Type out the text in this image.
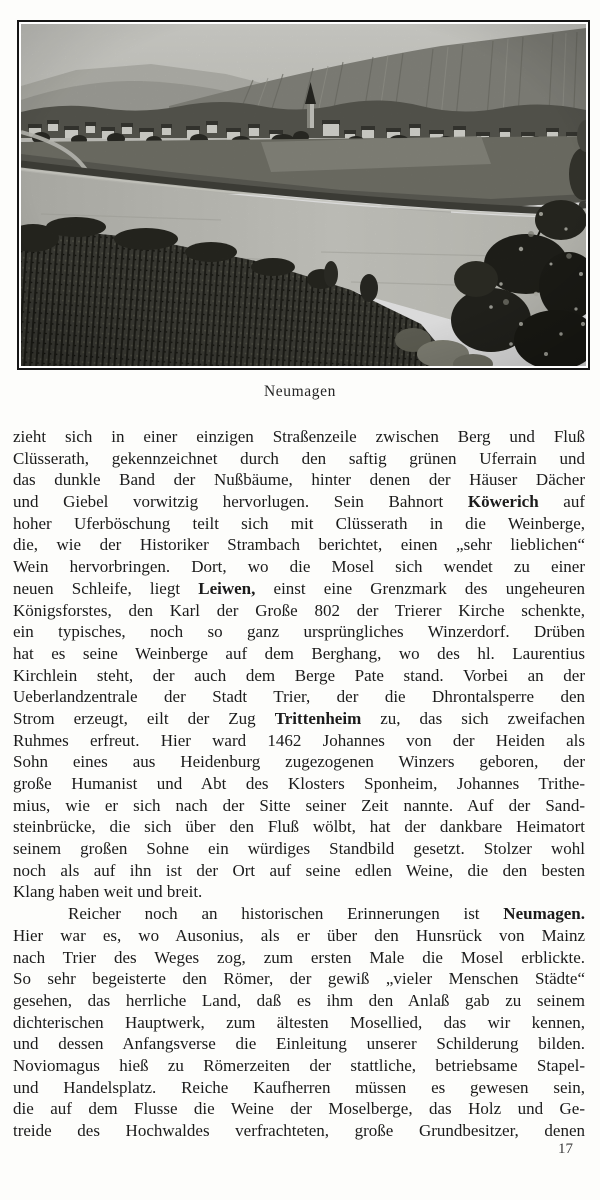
Neumagen
zieht sich in einer einzigen Straßenzeile zwischen Berg und Fluß
Clüsserath, gekennzeichnet durch den saftig grünen Uferrain und
das dunkle Band der Nußbäume, hinter denen der Häuser Dächer
und Giebel vorwitzig hervorlugen. Sein Bahnort Köwerich auf
hoher Uferböschung teilt sich mit Clüsserath in die Weinberge,
die, wie der Historiker Strambach berichtet, einen „sehr lieblichen“
Wein hervorbringen. Dort, wo die Mosel sich wendet zu einer
neuen Schleife, liegt Leiwen, einst eine Grenzmark des ungeheuren
Königsforstes, den Karl der Große 802 der Trierer Kirche schenkte,
ein typisches, noch so ganz ursprüngliches Winzerdorf. Drüben
hat es seine Weinberge auf dem Berghang, wo des hl. Laurentius
Kirchlein steht, der auch dem Berge Pate stand. Vorbei an der
Ueberlandzentrale der Stadt Trier, der die Dhrontalsperre den
Strom erzeugt, eilt der Zug Trittenheim zu, das sich zweifachen
Ruhmes erfreut. Hier ward 1462 Johannes von der Heiden als
Sohn eines aus Heidenburg zugezogenen Winzers geboren, der
große Humanist und Abt des Klosters Sponheim, Johannes Trithe-
mius, wie er sich nach der Sitte seiner Zeit nannte. Auf der Sand-
steinbrücke, die sich über den Fluß wölbt, hat der dankbare Heimatort
seinem großen Sohne ein würdiges Standbild gesetzt. Stolzer wohl
noch als auf ihn ist der Ort auf seine edlen Weine, die den besten
Klang haben weit und breit.
Reicher noch an historischen Erinnerungen ist Neumagen.
Hier war es, wo Ausonius, als er über den Hunsrück von Mainz
nach Trier des Weges zog, zum ersten Male die Mosel erblickte.
So sehr begeisterte den Römer, der gewiß „vieler Menschen Städte“
gesehen, das herrliche Land, daß es ihm den Anlaß gab zu seinem
dichterischen Hauptwerk, zum ältesten Mosellied, das wir kennen,
und dessen Anfangsverse die Einleitung unserer Schilderung bilden.
Noviomagus hieß zu Römerzeiten der stattliche, betriebsame Stapel-
und Handelsplatz. Reiche Kaufherren müssen es gewesen sein,
die auf dem Flusse die Weine der Moselberge, das Holz und Ge-
treide des Hochwaldes verfrachteten, große Grundbesitzer, denen
17
